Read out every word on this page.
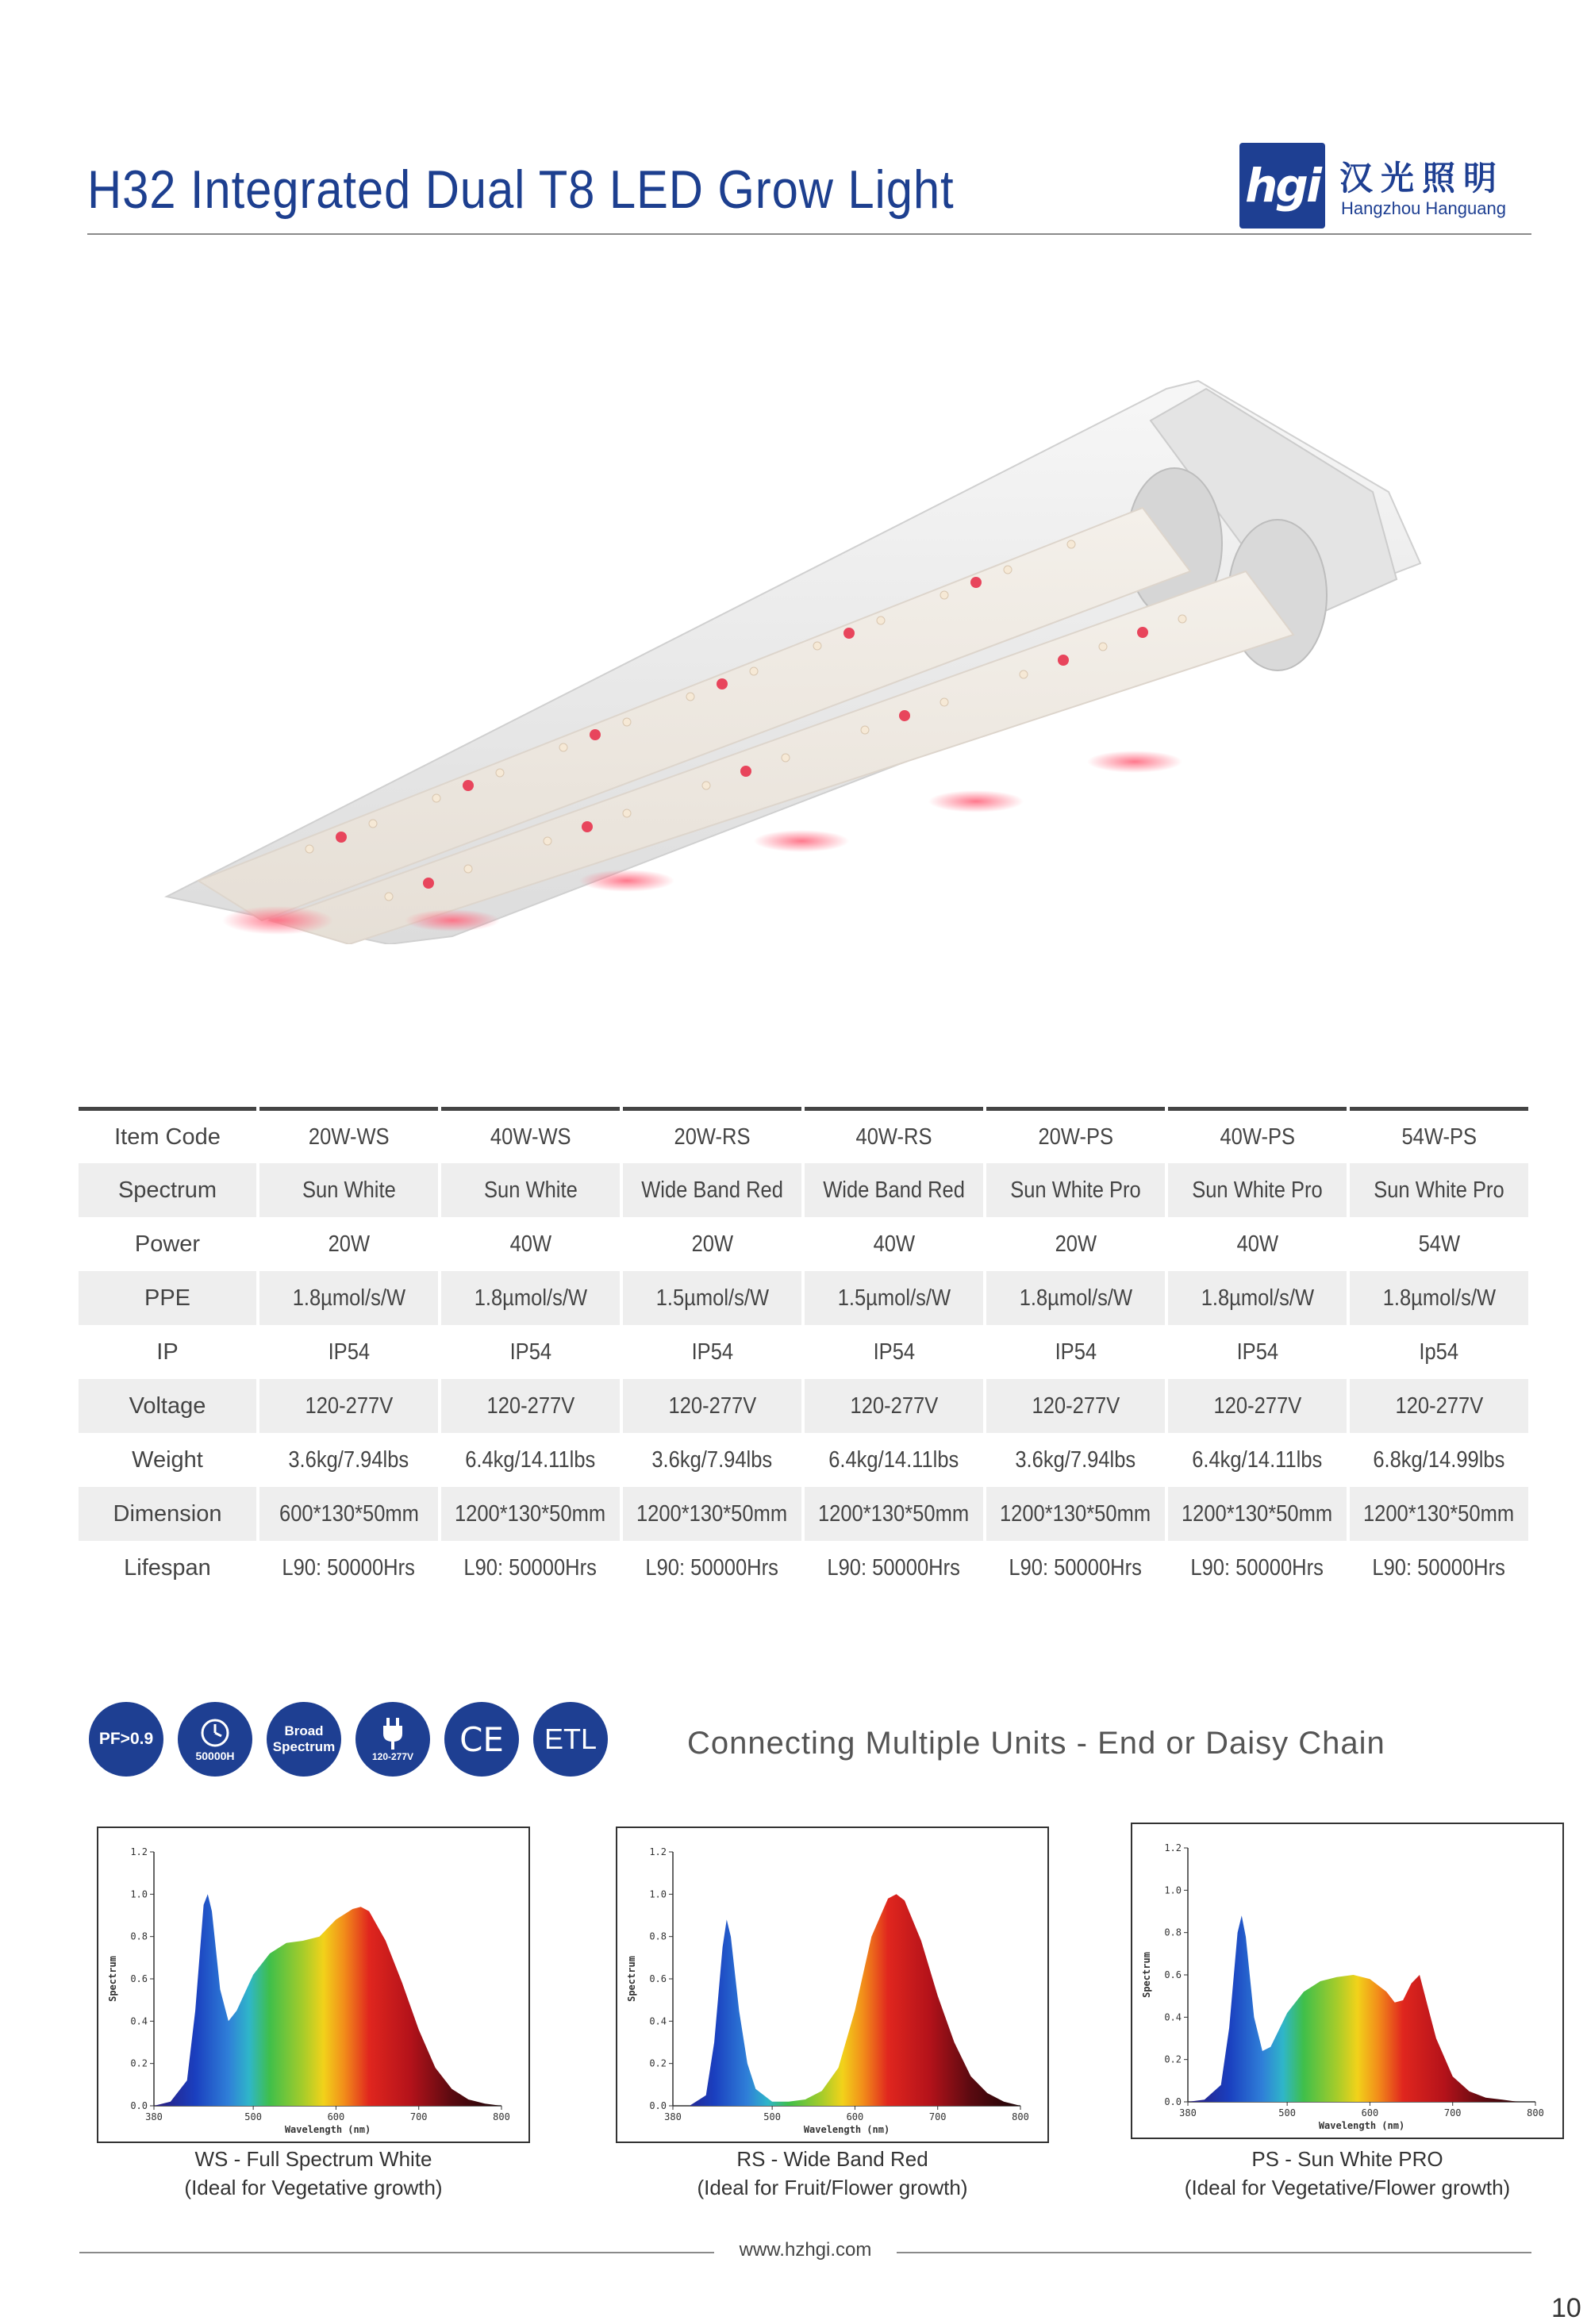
H32 Integrated Dual T8 LED Grow Light	hgi 汉光照明
Hangzhou Hanguang
Item Code	20W-WS	40W-WS	20W-RS	40W-RS	20W-PS	40W-PS	54W-PS
Spectrum	Sun White	Sun White	Wide Band Red	Wide Band Red	Sun White Pro	Sun White Pro	Sun White Pro
Power	20W	40W	20W	40W	20W	40W	54W
PPE	1.8µmol/s/W	1.8µmol/s/W	1.5µmol/s/W	1.5µmol/s/W	1.8µmol/s/W	1.8µmol/s/W	1.8µmol/s/W
IP	IP54	IP54	IP54	IP54	IP54	IP54	Ip54
Voltage	120-277V	120-277V	120-277V	120-277V	120-277V	120-277V	120-277V
Weight	3.6kg/7.94lbs	6.4kg/14.11lbs	3.6kg/7.94lbs	6.4kg/14.11lbs	3.6kg/7.94lbs	6.4kg/14.11lbs	6.8kg/14.99lbs
Dimension	600*130*50mm	1200*130*50mm	1200*130*50mm	1200*130*50mm	1200*130*50mm	1200*130*50mm	1200*130*50mm
Lifespan	L90: 50000Hrs	L90: 50000Hrs	L90: 50000Hrs	L90: 50000Hrs	L90: 50000Hrs	L90: 50000Hrs	L90: 50000Hrs
PF>0.9
50000H
Broad
Spectrum
120-277V CE ETL	Connecting Multiple Units - End or Daisy Chain
0.0
0.2
0.4
0.6
0.8
1.0
1.2
380	500	600	700	800
Wavelength (nm)
Spectrum
WS - Full Spectrum White
(Ideal for Vegetative growth)
0.0
0.2
0.4
0.6
0.8
1.0
1.2
380	500	600	700	800
Wavelength (nm)
Spectrum
RS - Wide Band Red
(Ideal for Fruit/Flower growth)
0.0
0.2
0.4
0.6
0.8
1.0
1.2
380	500	600	700	800
Wavelength (nm)
Spectrum
PS - Sun White PRO
(Ideal for Vegetative/Flower growth)
www.hzhgi.com
10
